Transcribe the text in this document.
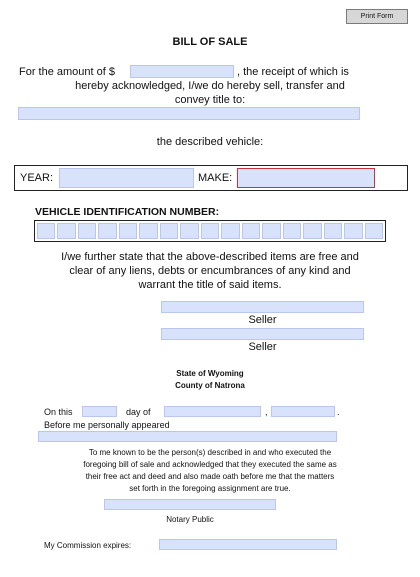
Print Form
BILL OF SALE
For the amount of $	, the receipt of which is
hereby acknowledged, I/we do hereby sell, transfer and
convey title to:
the described vehicle:
YEAR:	MAKE:
VEHICLE IDENTIFICATION NUMBER:
I/we further state that the above-described items are free and
clear of any liens, debts or encumbrances of any kind and
warrant the title of said items.
Seller
Seller
State of Wyoming
County of Natrona
On this	day of	,	.
Before me personally appeared
To me known to be the person(s) described in and who executed the
foregoing bill of sale and acknowledged that they executed the same as
their free act and deed and also made oath before me that the matters
set forth in the foregoing assignment are true.
Notary Public
My Commission expires:
